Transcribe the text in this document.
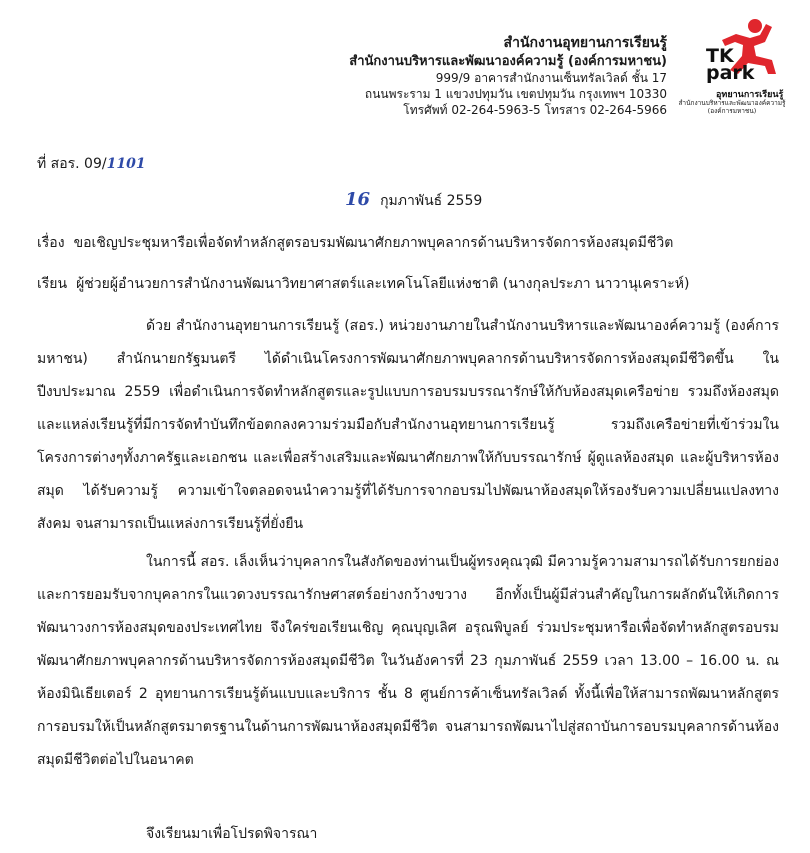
สำนักงานอุทยานการเรียนรู้
สำนักงานบริหารและพัฒนาองค์ความรู้ (องค์การมหาชน)
999/9 อาคารสำนักงานเซ็นทรัลเวิลด์ ชั้น 17
ถนนพระราม 1 แขวงปทุมวัน เขตปทุมวัน กรุงเทพฯ 10330
โทรศัพท์ 02-264-5963-5 โทรสาร 02-264-5966
TK
park
อุทยานการเรียนรู้
สำนักงานบริหารและพัฒนาองค์ความรู้
(องค์การมหาชน)
ที่ สอร. 09/1101
16 กุมภาพันธ์ 2559
เรื่อง ขอเชิญประชุมหารือเพื่อจัดทำหลักสูตรอบรมพัฒนาศักยภาพบุคลากรด้านบริหารจัดการห้องสมุดมีชีวิต
เรียน ผู้ช่วยผู้อำนวยการสำนักงานพัฒนาวิทยาศาสตร์และเทคโนโลยีแห่งชาติ (นางกุลประภา นาวานุเคราะห์)
ด้วย สำนักงานอุทยานการเรียนรู้ (สอร.) หน่วยงานภายในสำนักงานบริหารและพัฒนาองค์ความรู้ (องค์การมหาชน) สำนักนายกรัฐมนตรี ได้ดำเนินโครงการพัฒนาศักยภาพบุคลากรด้านบริหารจัดการห้องสมุดมีชีวิตขึ้น ในปีงบประมาณ 2559 เพื่อดำเนินการจัดทำหลักสูตรและรูปแบบการอบรมบรรณารักษ์ให้กับห้องสมุดเครือข่าย รวมถึงห้องสมุดและแหล่งเรียนรู้ที่มีการจัดทำบันทึกข้อตกลงความร่วมมือกับสำนักงานอุทยานการเรียนรู้ รวมถึงเครือข่ายที่เข้าร่วมในโครงการต่างๆทั้งภาครัฐและเอกชน และเพื่อสร้างเสริมและพัฒนาศักยภาพให้กับบรรณารักษ์ ผู้ดูแลห้องสมุด และผู้บริหารห้องสมุด ได้รับความรู้ ความเข้าใจตลอดจนนำความรู้ที่ได้รับการจากอบรมไปพัฒนาห้องสมุดให้รองรับความเปลี่ยนแปลงทางสังคม จนสามารถเป็นแหล่งการเรียนรู้ที่ยั่งยืน
ในการนี้ สอร. เล็งเห็นว่าบุคลากรในสังกัดของท่านเป็นผู้ทรงคุณวุฒิ มีความรู้ความสามารถได้รับการยกย่องและการยอมรับจากบุคลากรในแวดวงบรรณารักษศาสตร์อย่างกว้างขวาง อีกทั้งเป็นผู้มีส่วนสำคัญในการผลักดันให้เกิดการพัฒนาวงการห้องสมุดของประเทศไทย จึงใคร่ขอเรียนเชิญ คุณบุญเลิศ อรุณพิบูลย์ ร่วมประชุมหารือเพื่อจัดทำหลักสูตรอบรมพัฒนาศักยภาพบุคลากรด้านบริหารจัดการห้องสมุดมีชีวิต ในวันอังคารที่ 23 กุมภาพันธ์ 2559 เวลา 13.00 – 16.00 น. ณ ห้องมินิเธียเตอร์ 2 อุทยานการเรียนรู้ต้นแบบและบริการ ชั้น 8 ศูนย์การค้าเซ็นทรัลเวิลด์ ทั้งนี้เพื่อให้สามารถพัฒนาหลักสูตรการอบรมให้เป็นหลักสูตรมาตรฐานในด้านการพัฒนาห้องสมุดมีชีวิต จนสามารถพัฒนาไปสู่สถาบันการอบรมบุคลากรด้านห้องสมุดมีชีวิตต่อไปในอนาคต
จึงเรียนมาเพื่อโปรดพิจารณา
